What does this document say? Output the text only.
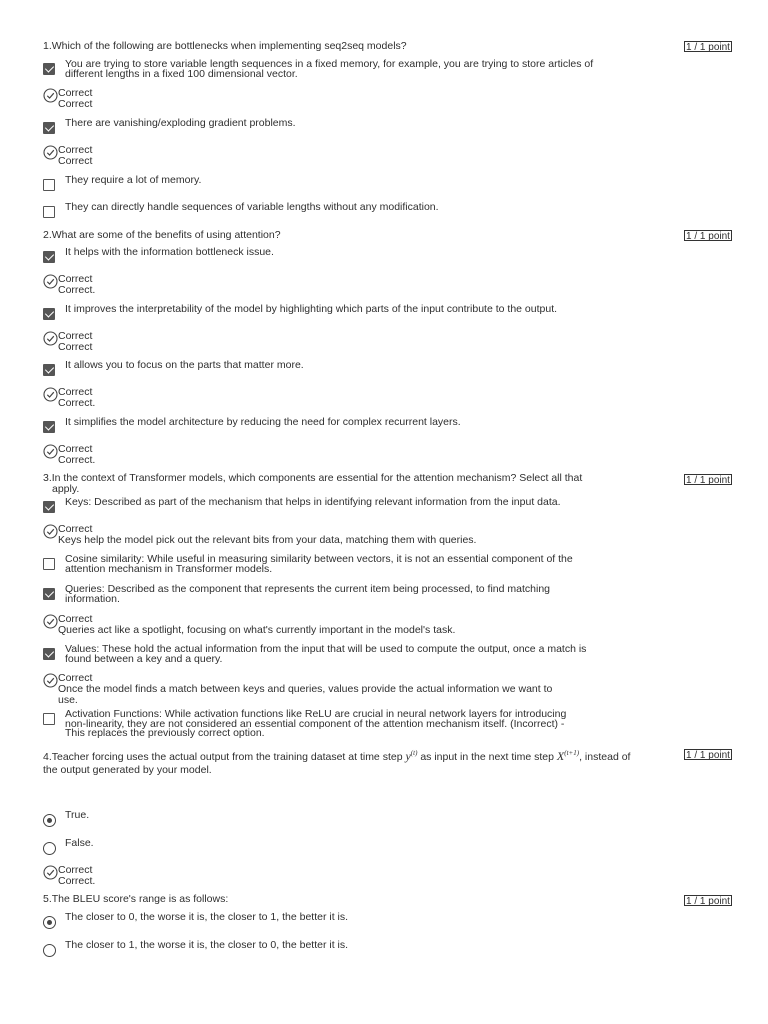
1.Which of the following are bottlenecks when implementing seq2seq models?	1 / 1 point
You are trying to store variable length sequences in a fixed memory, for example, you are trying to store articles of different lengths in a fixed 100 dimensional vector.
Correct
Correct
There are vanishing/exploding gradient problems.
Correct
Correct
They require a lot of memory.
They can directly handle sequences of variable lengths without any modification.
2.What are some of the benefits of using attention?	1 / 1 point
It helps with the information bottleneck issue.
Correct
Correct.
It improves the interpretability of the model by highlighting which parts of the input contribute to the output.
Correct
Correct
It allows you to focus on the parts that matter more.
Correct
Correct.
It simplifies the model architecture by reducing the need for complex recurrent layers.
Correct
Correct.
3.In the context of Transformer models, which components are essential for the attention mechanism? Select all that apply.
1 / 1 point
Keys: Described as part of the mechanism that helps in identifying relevant information from the input data.
Correct
Keys help the model pick out the relevant bits from your data, matching them with queries.
Cosine similarity: While useful in measuring similarity between vectors, it is not an essential component of the attention mechanism in Transformer models.
Queries: Described as the component that represents the current item being processed, to find matching information.
Correct
Queries act like a spotlight, focusing on what's currently important in the model's task.
Values: These hold the actual information from the input that will be used to compute the output, once a match is found between a key and a query.
Correct
Once the model finds a match between keys and queries, values provide the actual information we want to use.
Activation Functions: While activation functions like ReLU are crucial in neural network layers for introducing non-linearity, they are not considered an essential component of the attention mechanism itself. (Incorrect) - This replaces the previously correct option.
4.Teacher forcing uses the actual output from the training dataset at time step $y^{(t)}$ as input in the next time step $X^{(t+1)}$, instead of the output generated by your model.
1 / 1 point
True.
False.
Correct
Correct.
5.The BLEU score's range is as follows:	1 / 1 point
The closer to 0, the worse it is, the closer to 1, the better it is.
The closer to 1, the worse it is, the closer to 0, the better it is.
